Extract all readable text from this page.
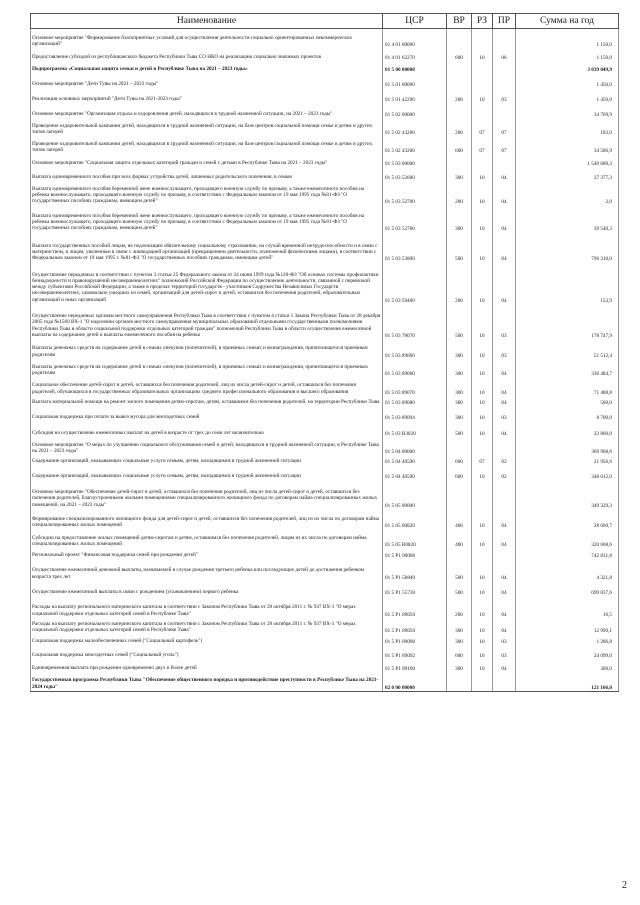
Наименование	ЦСР	ВР	РЗ	ПР	Сумма на год
Основное мероприятие "Формирование благоприятных условий для осуществления деятельности социально ориентированных некоммерческих организаций"	01 4 01 00000				1 150,0
Предоставление субсидий из республиканского бюджета Республики Тыва СО НКО на реализацию социально значимых проектов	01 4 01 62270	600	10	06	1 150,0
Подпрограмма «Социальная защита семьи и детей в Республике Тыва на 2021 – 2023 годы»	01 5 00 00000				3 039 049,9
Основное мероприятие "Дети Тувы на 2021 – 2023 годы"	01 5 01 00000				1 450,0
Реализация основных мероприятий "Дети Тувы на 2021-2023 годы"	01 5 01 42290	200	10	03	1 450,0
Основное мероприятие "Организация отдыха и оздоровления детей, находящихся в трудной жизненной ситуации, на 2021 – 2023 годы"	01 5 02 00000				34 769,9
Проведение оздоровительной кампании детей, находящихся в трудной жизненной ситуации, на базе центров социальной помощи семье и детям и других типов лагерей	01 5 02 43200	200	07	07	183,0
Проведение оздоровительной кампании детей, находящихся в трудной жизненной ситуации, на базе центров социальной помощи семье и детям и других типов лагерей	01 5 02 43200	600	07	07	34 586,9
Основное мероприятие "Социальная защита отдельных категорий граждан и семей с детьми в Республике Тыва на 2021 – 2023 годы"	01 5 03 00000				1 540 680,3
Выплата единовременного пособия при всех формах устройства детей, лишенных родительского попечения, в семью	01 5 03 52600	300	10	04	27 377,3
Выплата единовременного пособия беременной жене военнослужащего, проходящего военную службу по призыву, а также ежемесячного пособия на ребенка военнослужащего, проходящего военную службу по призыву, в соответствии с Федеральным законом от 19 мая 1995 года №81-ФЗ "О государственных пособиях гражданам, имеющим детей"	01 5 03 52700	200	10	04	2,0
Выплата единовременного пособия беременной жене военнослужащего, проходящего военную службу по призыву, а также ежемесячного пособия на ребенка военнослужащего, проходящего военную службу по призыву, в соответствии с Федеральным законом от 19 мая 1995 года №81-ФЗ "О государственных пособиях гражданам, имеющим детей"	01 5 03 52700	300	10	04	39 540,3
Выплата государственных пособий лицам, не подлежащим обязательному социальному страхованию, на случай временной нетрудоспособности и в связи с материнством, и лицам, уволенным в связи с ликвидацией организаций (прекращением деятельности, полномочий физическими лицами), в соответствии с Федеральным законом от 19 мая 1995 г. №81-ФЗ "О государственных пособиях гражданам, имеющим детей"	01 5 03 53800	500	10	04	796 310,0
Осуществление переданных в соответствии с пунктом 3 статьи 25 Федерального закона от 24 июня 1999 года №120-ФЗ "Об основах системы профилактики безнадзорности и правонарушений несовершеннолетних" полномочий Российской Федерации по осуществлению деятельности, связанной с перевозкой между субъектами Российской Федерации, а также в пределах территорий государств - участников Содружества Независимых Государств несовершеннолетних, самовольно ушедших из семей, организаций для детей-сирот и детей, оставшихся без попечения родителей, образовательных организаций и иных организаций	01 5 03 59400	200	10	04	153,9
Осуществление переданных органам местного самоуправления Республики Тыва в соответствии с пунктом 4 статьи 1 Закона Республики Тыва от 28 декабря 2005 года №1560 ВХ-1 "О наделении органов местного самоуправления муниципальных образований отдельными государственными полномочиями Республики Тыва в области социальной поддержки отдельных категорий граждан" полномочий Республики Тыва в области осуществления ежемесячной выплаты на содержание детей и выплаты ежемесячного пособия на ребенка	01 5 03 78070	500	10	03	178 747,9
Выплаты денежных средств на содержание детей в семьях опекунов (попечителей), в приемных семьях и вознаграждения, причитающегося приемным родителям	01 5 03 89060	300	10	03	51 512,4
Выплаты денежных средств на содержание детей в семьях опекунов (попечителей), в приемных семьях и вознаграждения, причитающегося приемным родителям	01 5 03 89060	300	10	04	336 484,7
Социальное обеспечение детей-сирот и детей, оставшихся без попечения родителей, лиц из числа детей-сирот и детей, оставшихся без попечения родителей, обучающихся в государственных образовательных организациях среднего профессионального образования и высшего образования	01 5 03 89070	300	10	04	71 488,8
Выплата материальной помощи на ремонт жилого помещения детям-сиротам, детям, оставшимся без попечения родителей, на территории Республики Тыва	01 5 03 89080	300	10	04	500,0
Социальная поддержка при оплате за вывоз мусора для многодетных семей	01 5 03 89094	300	10	03	8 700,0
Субсидия на осуществление ежемесячных выплат на детей в возрасте от трех до семи лет включительно	01 5 03 R3020	500	10	04	23 860,0
Основное мероприятие "О мерах по улучшению социального обслуживания семей и детей, находящихся в трудной жизненной ситуации, в Республике Тыва на 2021 – 2023 годы"	01 5 04 00000				369 968,6
Содержание организаций, оказывающих социальные услуги семьям, детям, находящимся в трудной жизненной ситуации	01 5 04 40590	600	07	02	21 956,6
Содержание организаций, оказывающих социальные услуги семьям, детям, находящимся в трудной жизненной ситуации	01 5 04 40590	600	10	02	348 012,0
Основное мероприятие "Обеспечение детей-сирот и детей, оставшихся без попечения родителей, лиц из числа детей-сирот и детей, оставшихся без попечения родителей, благоустроенными жилыми помещениями специализированного жилищного фонда по договорам найма специализированных жилых помещений, на 2021 – 2023 годы"	01 5 05 00000				349 329,3
Формирование специализированного жилищного фонда для детей-сирот и детей, оставшихся без попечения родителей, лиц из их числа по договорам найма специализированных жилых помещений	01 5 05 00820	400	10	04	28 660,7
Субсидии на предоставление жилых помещений детям-сиротам и детям, оставшимся без попечения родителей, лицам из их числа по договорам найма специализированных жилых помещений	01 5 05 R0820	400	10	04	320 668,6
Региональный проект "Финансовая поддержка семей при рождении детей"	01 5 P1 00000				742 831,8
Осуществление ежемесячной денежной выплаты, назначаемой в случае рождения третьего ребенка или последующих детей до достижения ребенком возраста трех лет	01 5 P1 50840	500	10	04	4 321,8
Осуществление ежемесячной выплаты в связи с рождением (усыновлением) первого ребенка	01 5 P1 55730	500	10	04	699 837,6
Расходы на выплату регионального материнского капитала в соответствии с Законом Республики Тыва от 28 октября 2011 г. № 937 ВХ-1 "О мерах социальной поддержки отдельных категорий семей в Республике Тыва"	01 5 P1 89050	200	10	04	16,5
Расходы на выплату регионального материнского капитала в соответствии с Законом Республики Тыва от 28 октября 2011 г. № 937 ВХ-1 "О мерах социальной поддержки отдельных категорий семей в Республике Тыва"	01 5 P1 89050	300	10	04	12 990,1
Социальная поддержка малообеспеченных семей ("Социальный картофель")	01 5 P1 89090	300	10	03	1 286,8
Социальная поддержка многодетных семей ("Социальный уголь")	01 5 P1 89092	600	10	03	24 099,0
Единовременная выплата при рождении одновременно двух и более детей	01 5 P1 89100	300	10	04	300,0
Государственная программа Республики Тыва "Обеспечение общественного порядка и противодействие преступности в Республике Тыва на 2021-2024 годы"	02 0 00 00000				121 166,0
2
